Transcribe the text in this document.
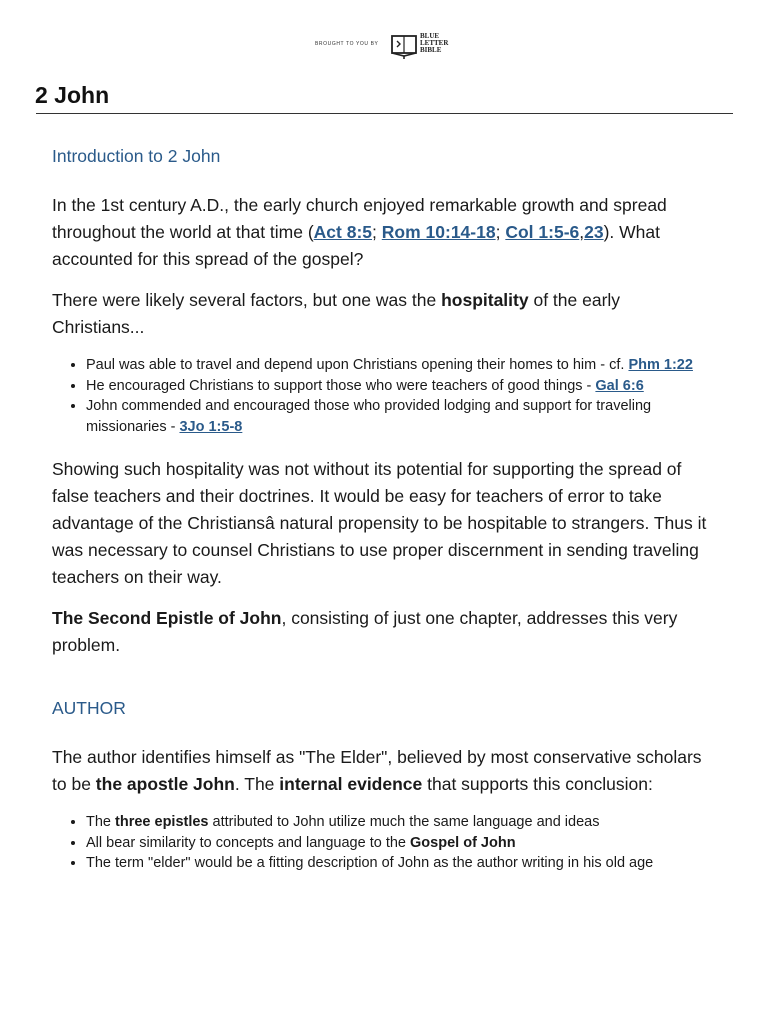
BROUGHT TO YOU BY
BLUE
LETTER
BIBLE
2 John
Introduction to 2 John

In the 1st century A.D., the early church enjoyed remarkable growth and spread throughout the world at that time (Act 8:5; Rom 10:14-18; Col 1:5-6,23). What accounted for this spread of the gospel?

There were likely several factors, but one was the hospitality of the early Christians...

• Paul was able to travel and depend upon Christians opening their homes to him - cf. Phm 1:22
• He encouraged Christians to support those who were teachers of good things - Gal 6:6
• John commended and encouraged those who provided lodging and support for traveling missionaries - 3Jo 1:5-8

Showing such hospitality was not without its potential for supporting the spread of false teachers and their doctrines. It would be easy for teachers of error to take advantage of the Christiansâ natural propensity to be hospitable to strangers. Thus it was necessary to counsel Christians to use proper discernment in sending traveling teachers on their way.

The Second Epistle of John, consisting of just one chapter, addresses this very problem.

AUTHOR

The author identifies himself as "The Elder", believed by most conservative scholars to be the apostle John. The internal evidence that supports this conclusion:

• The three epistles attributed to John utilize much the same language and ideas
• All bear similarity to concepts and language to the Gospel of John
• The term "elder" would be a fitting description of John as the author writing in his old age
